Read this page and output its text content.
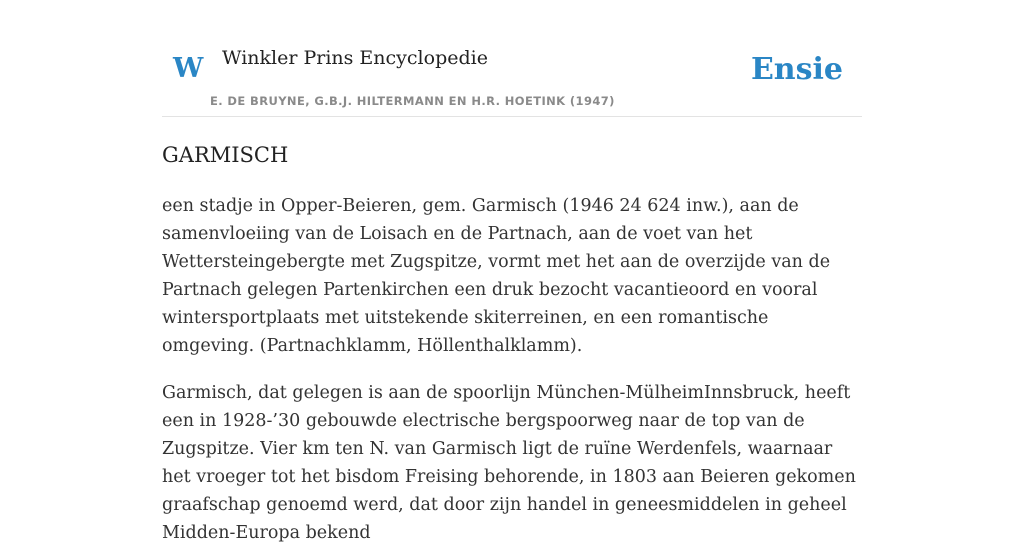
W Winkler Prins Encyclopedie
E. DE BRUYNE, G.B.J. HILTERMANN EN H.R. HOETINK (1947)
Ensie
GARMISCH

een stadje in Opper-Beieren, gem. Garmisch (1946 24 624 inw.), aan de samenvloeiing van de Loisach en de Partnach, aan de voet van het Wettersteingebergte met Zugspitze, vormt met het aan de overzijde van de Partnach gelegen Partenkirchen een druk bezocht vacantieoord en vooral wintersportplaats met uitstekende skiterreinen, en een romantische omgeving. (Partnachklamm, Höllenthalklamm).

Garmisch, dat gelegen is aan de spoorlijn München-MülheimInnsbruck, heeft een in 1928-’30 gebouwde electrische bergspoorweg naar de top van de Zugspitze. Vier km ten N. van Garmisch ligt de ruïne Werdenfels, waarnaar het vroeger tot het bisdom Freising behorende, in 1803 aan Beieren gekomen graafschap genoemd werd, dat door zijn handel in geneesmiddelen in geheel Midden-Europa bekend
